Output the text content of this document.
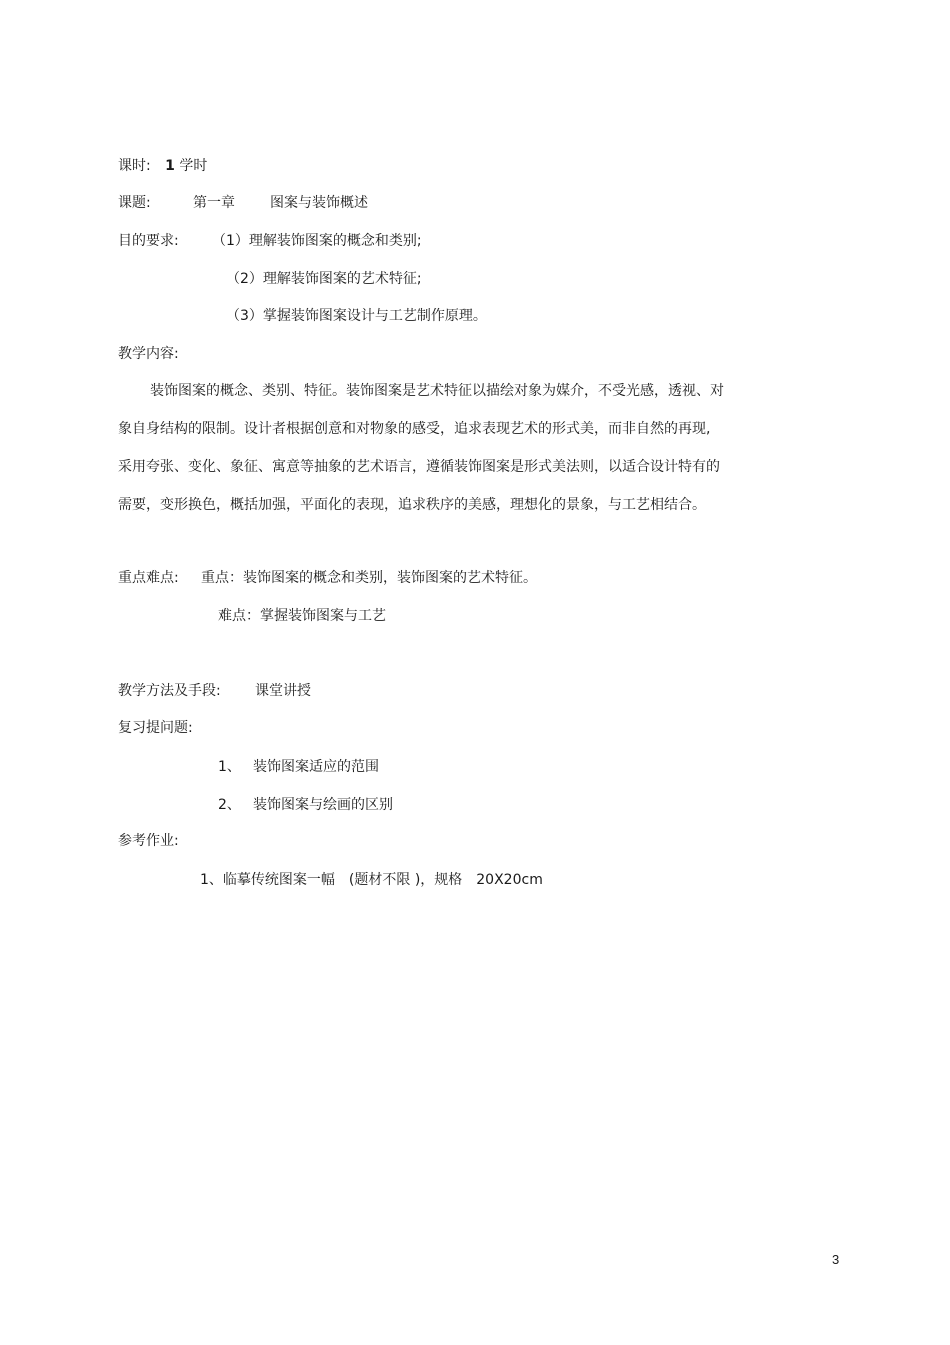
课时: 1 学时
课题:	第一章	图案与装饰概述
目的要求: （1）理解装饰图案的概念和类别;
（2）理解装饰图案的艺术特征;
（3）掌握装饰图案设计与工艺制作原理。
教学内容:
装饰图案的概念、类别、特征。装饰图案是艺术特征以描绘对象为媒介，不受光感，透视、对
象自身结构的限制。设计者根据创意和对物象的感受，追求表现艺术的形式美，而非自然的再现,
采用夸张、变化、象征、寓意等抽象的艺术语言，遵循装饰图案是形式美法则，以适合设计特有的
需要，变形换色，概括加强，平面化的表现，追求秩序的美感，理想化的景象，与工艺相结合。
重点难点: 重点：装饰图案的概念和类别，装饰图案的艺术特征。
难点：掌握装饰图案与工艺
教学方法及手段: 课堂讲授
复习提问题:
1、 装饰图案适应的范围
2、 装饰图案与绘画的区别
参考作业:
1、临摹传统图案一幅　(题材不限 )，规格　20X20cm
3
